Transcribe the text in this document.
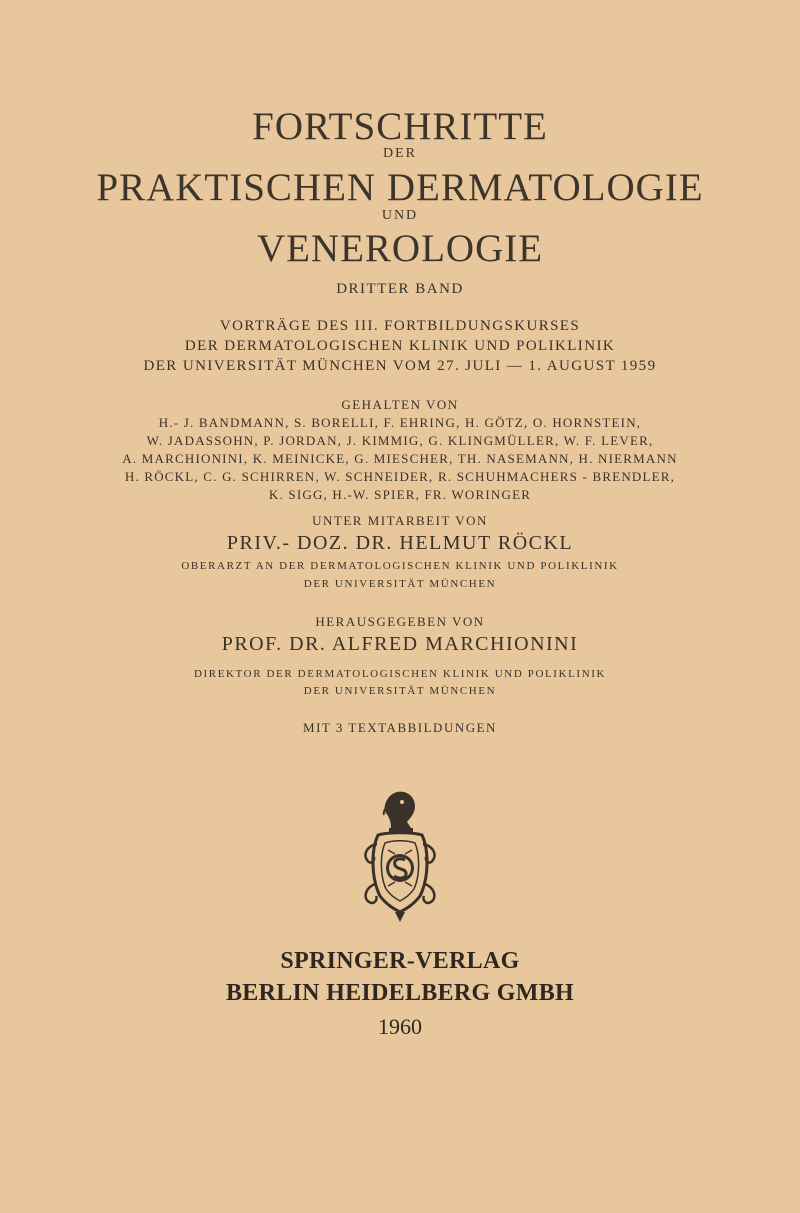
FORTSCHRITTE
DER
PRAKTISCHEN DERMATOLOGIE
UND
VENEROLOGIE
DRITTER BAND
VORTRÄGE DES III. FORTBILDUNGSKURSES
DER DERMATOLOGISCHEN KLINIK UND POLIKLINIK
DER UNIVERSITÄT MÜNCHEN VOM 27. JULI — 1. AUGUST 1959
GEHALTEN VON
H.- J. BANDMANN, S. BORELLI, F. EHRING, H. GÖTZ, O. HORNSTEIN,
W. JADASSOHN, P. JORDAN, J. KIMMIG, G. KLINGMÜLLER, W. F. LEVER,
A. MARCHIONINI, K. MEINICKE, G. MIESCHER, TH. NASEMANN, H. NIERMANN
H. RÖCKL, C. G. SCHIRREN, W. SCHNEIDER, R. SCHUHMACHERS - BRENDLER,
K. SIGG, H.-W. SPIER, FR. WORINGER
UNTER MITARBEIT VON
PRIV.- DOZ. DR. HELMUT RÖCKL
OBERARZT AN DER DERMATOLOGISCHEN KLINIK UND POLIKLINIK
DER UNIVERSITÄT MÜNCHEN
HERAUSGEGEBEN VON
PROF. DR. ALFRED MARCHIONINI
DIREKTOR DER DERMATOLOGISCHEN KLINIK UND POLIKLINIK
DER UNIVERSITÄT MÜNCHEN
MIT 3 TEXTABBILDUNGEN
SPRINGER-VERLAG
BERLIN HEIDELBERG GMBH
1960
